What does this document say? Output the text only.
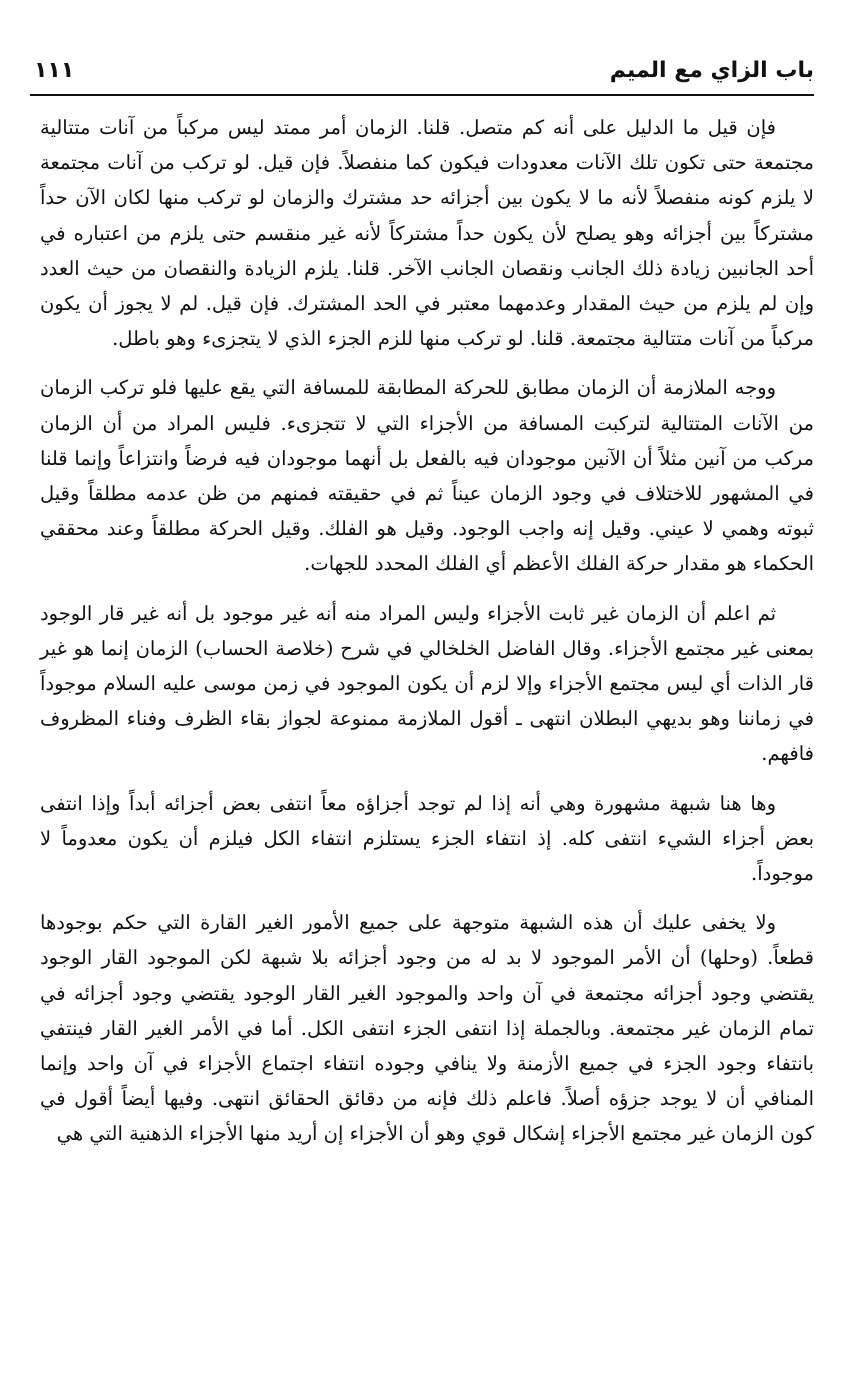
باب الزاي مع الميم
١١١

فإن قيل ما الدليل على أنه كم متصل. قلنا. الزمان أمر ممتد ليس مركباً من آنات متتالية مجتمعة حتى تكون تلك الآنات معدودات فيكون كما منفصلاً. فإن قيل. لو تركب من آنات مجتمعة لا يلزم كونه منفصلاً لأنه ما لا يكون بين أجزائه حد مشترك والزمان لو تركب منها لكان الآن حداً مشتركاً بين أجزائه وهو يصلح لأن يكون حداً مشتركاً لأنه غير منقسم حتى يلزم من اعتباره في أحد الجانبين زيادة ذلك الجانب ونقصان الجانب الآخر. قلنا. يلزم الزيادة والنقصان من حيث العدد وإن لم يلزم من حيث المقدار وعدمهما معتبر في الحد المشترك. فإن قيل. لم لا يجوز أن يكون مركباً من آنات متتالية مجتمعة. قلنا. لو تركب منها للزم الجزء الذي لا يتجزىء وهو باطل.

ووجه الملازمة أن الزمان مطابق للحركة المطابقة للمسافة التي يقع عليها فلو تركب الزمان من الآنات المتتالية لتركبت المسافة من الأجزاء التي لا تتجزىء. فليس المراد من أن الزمان مركب من آنين مثلاً أن الآنين موجودان فيه بالفعل بل أنهما موجودان فيه فرضاً وانتزاعاً وإنما قلنا في المشهور للاختلاف في وجود الزمان عيناً ثم في حقيقته فمنهم من ظن عدمه مطلقاً وقيل ثبوته وهمي لا عيني. وقيل إنه واجب الوجود. وقيل هو الفلك. وقيل الحركة مطلقاً وعند محققي الحكماء هو مقدار حركة الفلك الأعظم أي الفلك المحدد للجهات.

ثم اعلم أن الزمان غير ثابت الأجزاء وليس المراد منه أنه غير موجود بل أنه غير قار الوجود بمعنى غير مجتمع الأجزاء. وقال الفاضل الخلخالي في شرح (خلاصة الحساب) الزمان إنما هو غير قار الذات أي ليس مجتمع الأجزاء وإلا لزم أن يكون الموجود في زمن موسى عليه السلام موجوداً في زماننا وهو بديهي البطلان انتهى ـ أقول الملازمة ممنوعة لجواز بقاء الظرف وفناء المظروف فافهم.

وها هنا شبهة مشهورة وهي أنه إذا لم توجد أجزاؤه معاً انتفى بعض أجزائه أبداً وإذا انتفى بعض أجزاء الشيء انتفى كله. إذ انتفاء الجزء يستلزم انتفاء الكل فيلزم أن يكون معدوماً لا موجوداً.

ولا يخفى عليك أن هذه الشبهة متوجهة على جميع الأمور الغير القارة التي حكم بوجودها قطعاً. (وحلها) أن الأمر الموجود لا بد له من وجود أجزائه بلا شبهة لكن الموجود القار الوجود يقتضي وجود أجزائه مجتمعة في آن واحد والموجود الغير القار الوجود يقتضي وجود أجزائه في تمام الزمان غير مجتمعة. وبالجملة إذا انتفى الجزء انتفى الكل. أما في الأمر الغير القار فينتفي بانتفاء وجود الجزء في جميع الأزمنة ولا ينافي وجوده انتفاء اجتماع الأجزاء في آن واحد وإنما المنافي أن لا يوجد جزؤه أصلاً. فاعلم ذلك فإنه من دقائق الحقائق انتهى. وفيها أيضاً أقول في كون الزمان غير مجتمع الأجزاء إشكال قوي وهو أن الأجزاء إن أريد منها الأجزاء الذهنية التي هي
